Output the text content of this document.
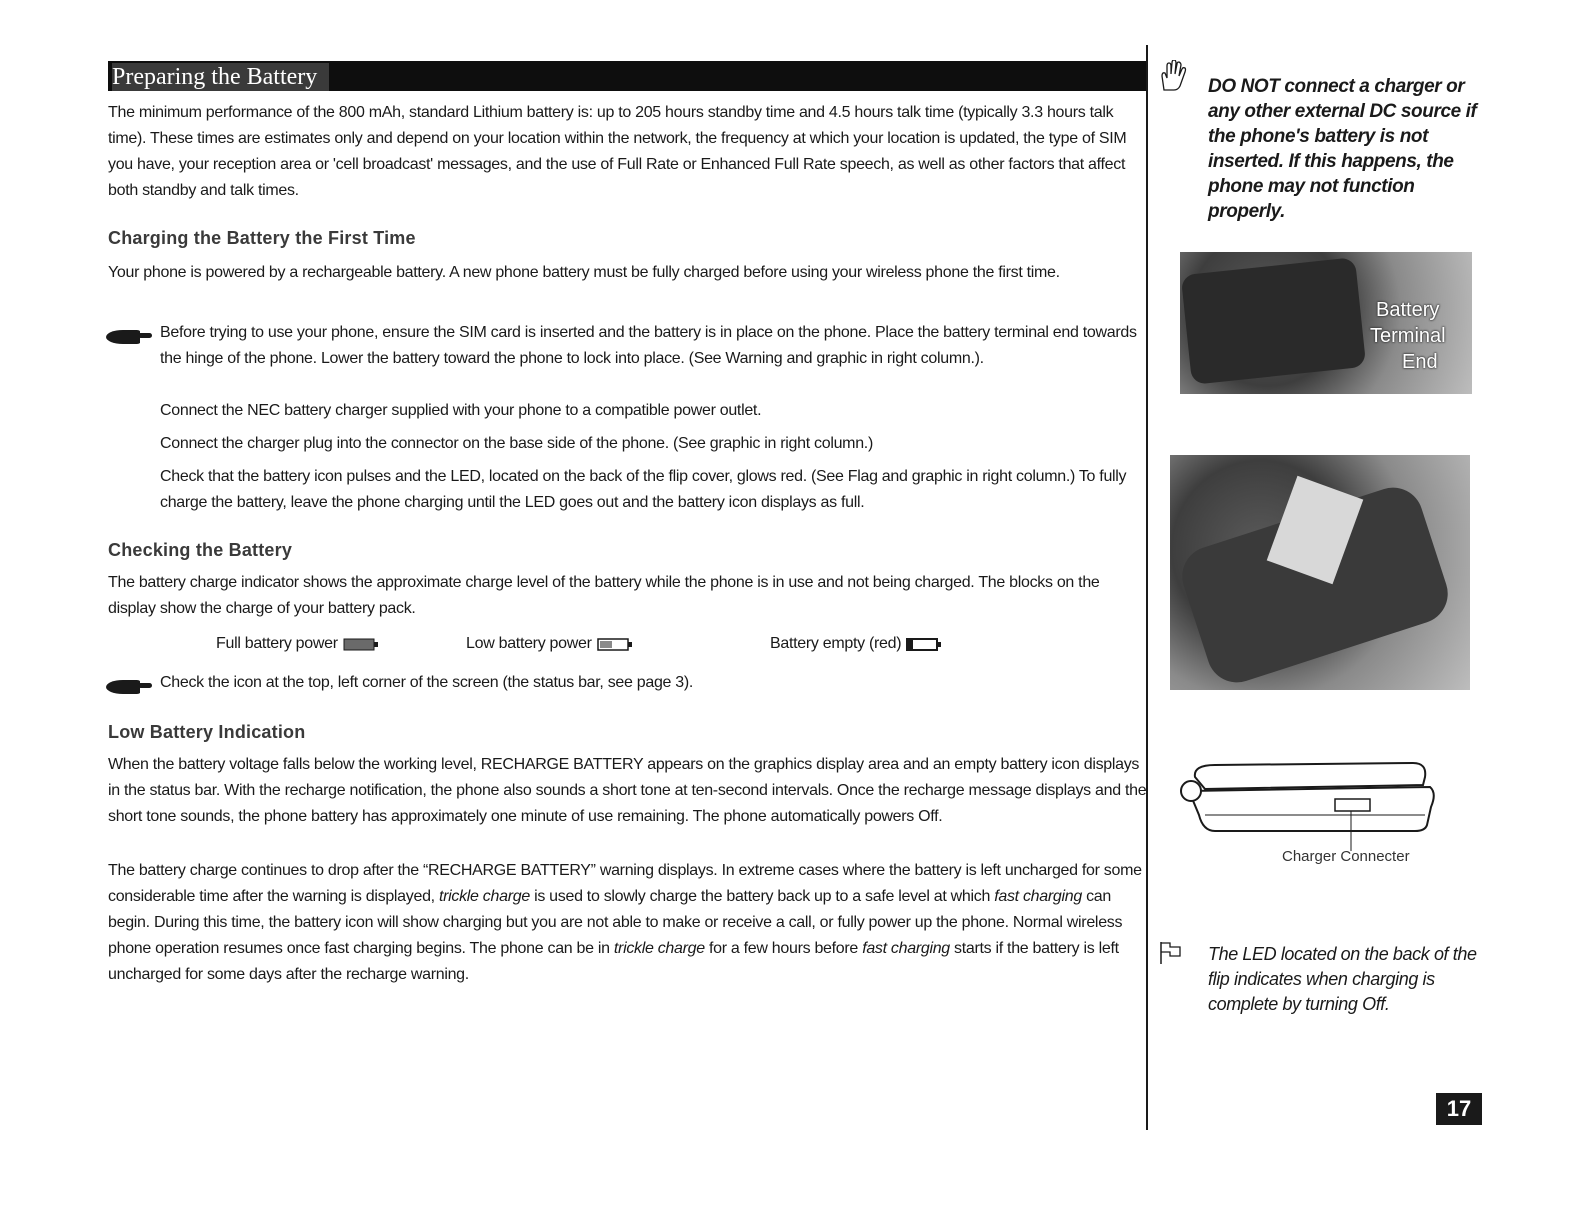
Preparing the Battery

The minimum performance of the 800 mAh, standard Lithium battery is: up to 205 hours standby time and 4.5 hours talk time (typically 3.3 hours talk time). These times are estimates only and depend on your location within the network, the frequency at which your location is updated, the type of SIM you have, your reception area or 'cell broadcast' messages, and the use of Full Rate or Enhanced Full Rate speech, as well as other factors that affect both standby and talk times.

Charging the Battery the First Time

Your phone is powered by a rechargeable battery. A new phone battery must be fully charged before using your wireless phone the first time.

Before trying to use your phone, ensure the SIM card is inserted and the battery is in place on the phone. Place the battery terminal end towards the hinge of the phone. Lower the battery toward the phone to lock into place. (See Warning and graphic in right column.).

Connect the NEC battery charger supplied with your phone to a compatible power outlet.

Connect the charger plug into the connector on the base side of the phone. (See graphic in right column.)

Check that the battery icon pulses and the LED, located on the back of the flip cover, glows red. (See Flag and graphic in right column.) To fully charge the battery, leave the phone charging until the LED goes out and the battery icon displays as full.

Checking the Battery

The battery charge indicator shows the approximate charge level of the battery while the phone is in use and not being charged. The blocks on the display show the charge of your battery pack.

Full battery power	Low battery power	Battery empty (red)

Check the icon at the top, left corner of the screen (the status bar, see page 3).

Low Battery Indication

When the battery voltage falls below the working level, RECHARGE BATTERY appears on the graphics display area and an empty battery icon displays in the status bar. With the recharge notification, the phone also sounds a short tone at ten-second intervals. Once the recharge message displays and the short tone sounds, the phone battery has approximately one minute of use remaining. The phone automatically powers Off.

The battery charge continues to drop after the “RECHARGE BATTERY” warning displays. In extreme cases where the battery is left uncharged for some considerable time after the warning is displayed, trickle charge is used to slowly charge the battery back up to a safe level at which fast charging can begin. During this time, the battery icon will show charging but you are not able to make or receive a call, or fully power up the phone. Normal wireless phone operation resumes once fast charging begins. The phone can be in trickle charge for a few hours before fast charging starts if the battery is left uncharged for some days after the recharge warning.

DO NOT connect a charger or any other external DC source if the phone's battery is not inserted. If this happens, the phone may not function properly.
Battery
Terminal
End
Charger Connecter
The LED located on the back of the flip indicates when charging is complete by turning Off.
17
